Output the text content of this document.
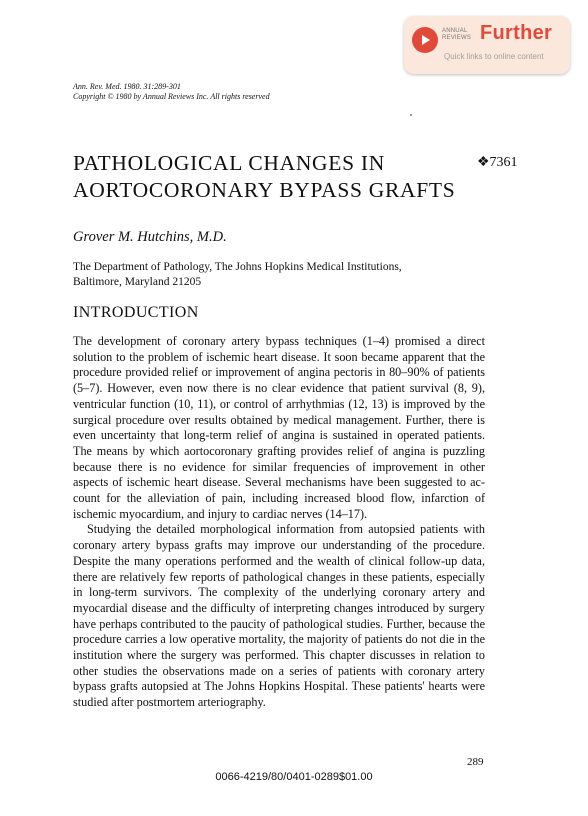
ANNUAL
REVIEWS Further
Quick links to online content
Ann. Rev. Med. 1980. 31:289-301
Copyright © 1980 by Annual Reviews Inc. All rights reserved
PATHOLOGICAL CHANGES IN
AORTOCORONARY BYPASS GRAFTS
❖7361
Grover M. Hutchins, M.D.
The Department of Pathology, The Johns Hopkins Medical Institutions,
Baltimore, Maryland 21205
INTRODUCTION

The development of coronary artery bypass techniques (1–4) promised a direct solution to the problem of ischemic heart disease. It soon became apparent that the procedure provided relief or improvement of angina pectoris in 80–90% of patients (5–7). However, even now there is no clear evidence that patient survival (8, 9), ventricular function (10, 11), or control of arrhythmias (12, 13) is improved by the surgical procedure over results obtained by medical management. Further, there is even uncertainty that long-term relief of angina is sustained in operated patients. The means by which aortocoronary grafting provides relief of angina is puzzling because there is no evidence for similar frequencies of improvement in other aspects of ischemic heart disease. Several mechanisms have been suggested to account for the alleviation of pain, including increased blood flow, infarction of ischemic myocardium, and injury to cardiac nerves (14–17).

Studying the detailed morphological information from autopsied patients with coronary artery bypass grafts may improve our understanding of the procedure. Despite the many operations performed and the wealth of clinical follow-up data, there are relatively few reports of pathological changes in these patients, especially in long-term survivors. The complexity of the underlying coronary artery and myocardial disease and the difficulty of interpreting changes introduced by surgery have perhaps contributed to the paucity of pathological studies. Further, because the procedure carries a low operative mortality, the majority of patients do not die in the institution where the surgery was performed. This chapter discusses in relation to other studies the observations made on a series of patients with coronary artery bypass grafts autopsied at The Johns Hopkins Hospital. These patients' hearts were studied after postmortem arteriography.

289
0066-4219/80/0401-0289$01.00
